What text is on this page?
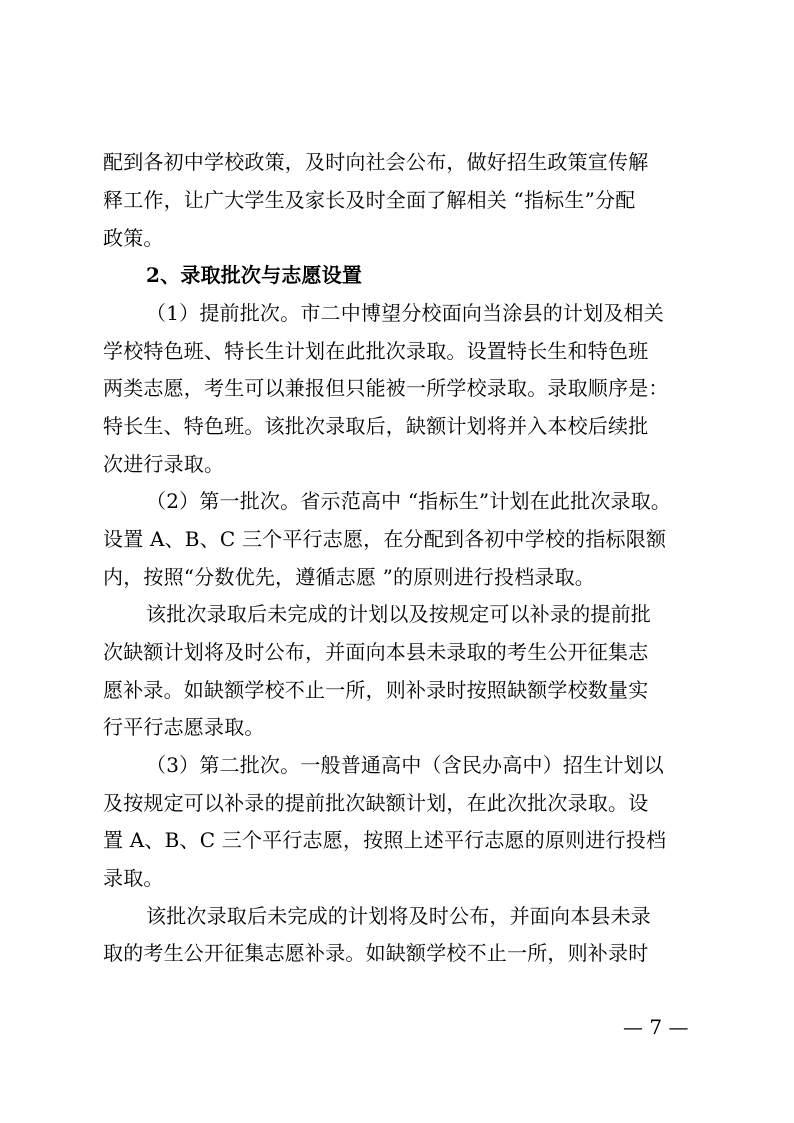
配到各初中学校政策，及时向社会公布，做好招生政策宣传解
释工作，让广大学生及家长及时全面了解相关 “指标生”分配
政策。
2、录取批次与志愿设置
（1）提前批次。市二中博望分校面向当涂县的计划及相关
学校特色班、特长生计划在此批次录取。设置特长生和特色班
两类志愿，考生可以兼报但只能被一所学校录取。录取顺序是：
特长生、特色班。该批次录取后，缺额计划将并入本校后续批
次进行录取。
（2）第一批次。省示范高中 “指标生”计划在此批次录取。
设置 A、B、C 三个平行志愿，在分配到各初中学校的指标限额
内，按照“分数优先，遵循志愿 ”的原则进行投档录取。
该批次录取后未完成的计划以及按规定可以补录的提前批
次缺额计划将及时公布，并面向本县未录取的考生公开征集志
愿补录。如缺额学校不止一所，则补录时按照缺额学校数量实
行平行志愿录取。
（3）第二批次。一般普通高中（含民办高中）招生计划以
及按规定可以补录的提前批次缺额计划，在此次批次录取。设
置 A、B、C 三个平行志愿，按照上述平行志愿的原则进行投档
录取。
该批次录取后未完成的计划将及时公布，并面向本县未录
取的考生公开征集志愿补录。如缺额学校不止一所，则补录时
— 7 —
